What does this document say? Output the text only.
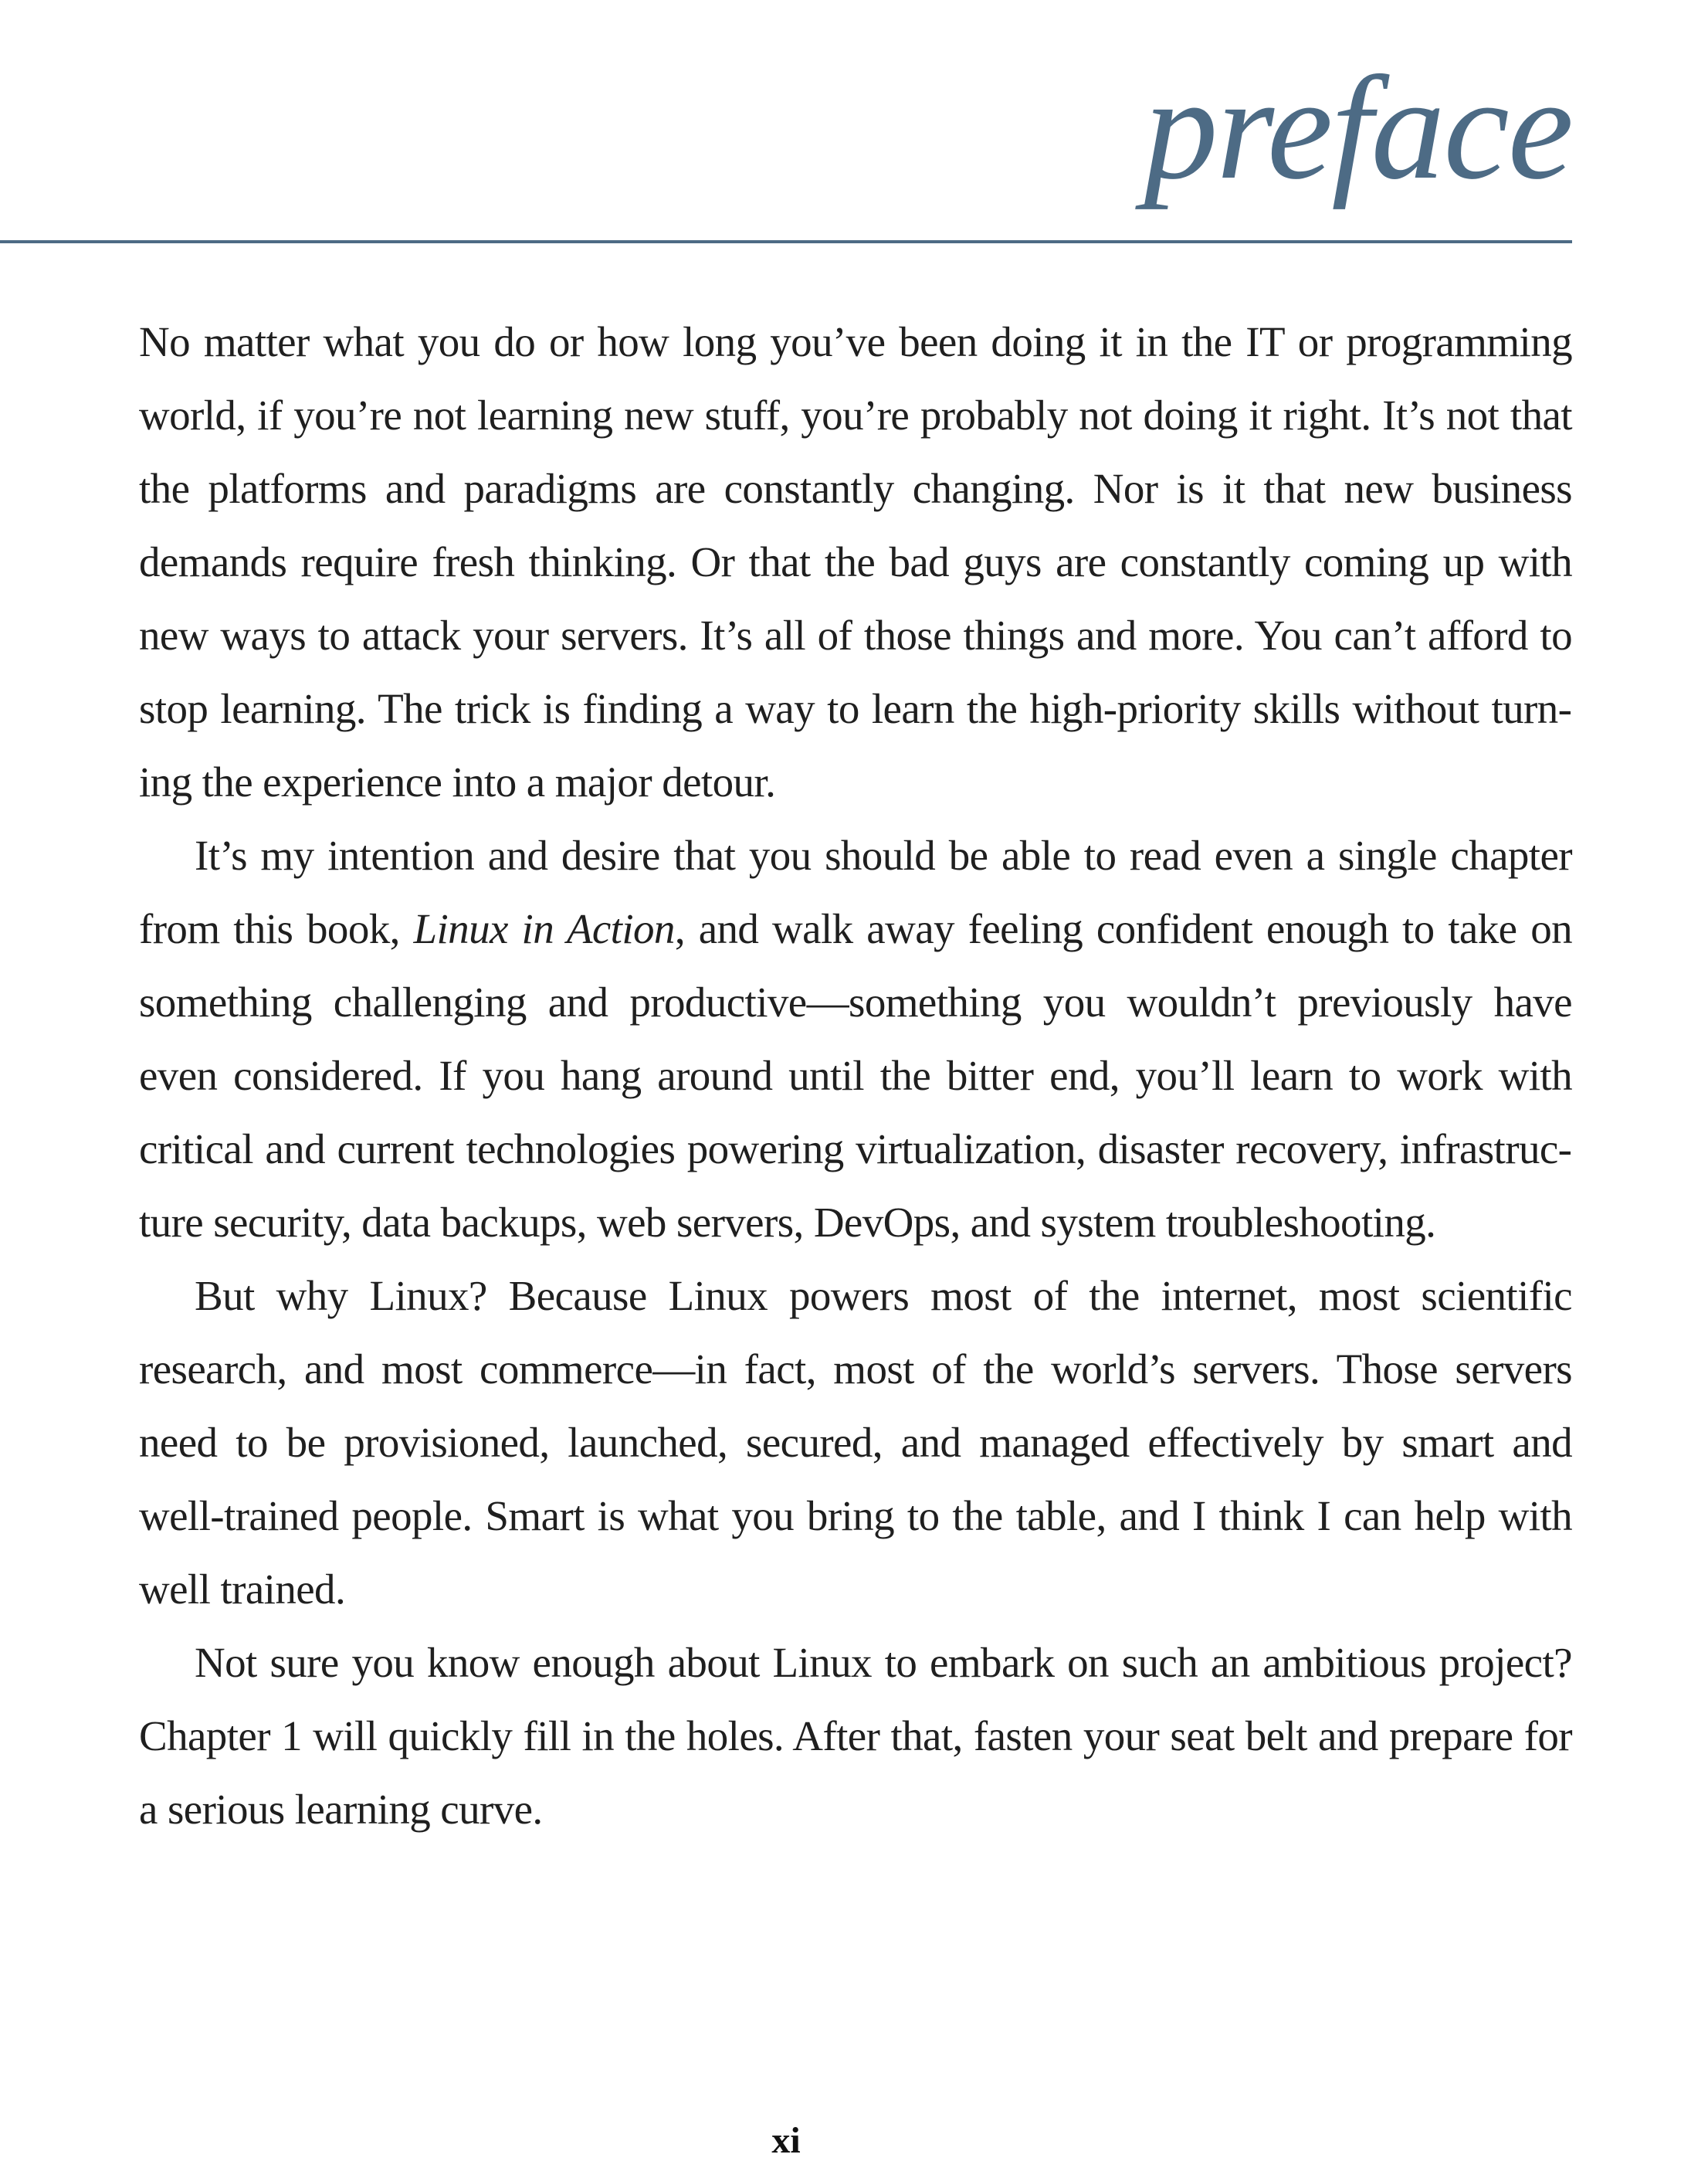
preface

No matter what you do or how long you’ve been doing it in the IT or programming world, if you’re not learning new stuff, you’re probably not doing it right. It’s not that the platforms and paradigms are constantly changing. Nor is it that new business demands require fresh thinking. Or that the bad guys are constantly coming up with new ways to attack your servers. It’s all of those things and more. You can’t afford to stop learning. The trick is finding a way to learn the high-priority skills without turning the experience into a major detour.

It’s my intention and desire that you should be able to read even a single chapter from this book, Linux in Action, and walk away feeling confident enough to take on something challenging and productive—something you wouldn’t previously have even considered. If you hang around until the bitter end, you’ll learn to work with critical and current technologies powering virtualization, disaster recovery, infrastructure security, data backups, web servers, DevOps, and system troubleshooting.

But why Linux? Because Linux powers most of the internet, most scientific research, and most commerce—in fact, most of the world’s servers. Those servers need to be provisioned, launched, secured, and managed effectively by smart and well-trained people. Smart is what you bring to the table, and I think I can help with well trained.

Not sure you know enough about Linux to embark on such an ambitious project? Chapter 1 will quickly fill in the holes. After that, fasten your seat belt and prepare for a serious learning curve.

xi
